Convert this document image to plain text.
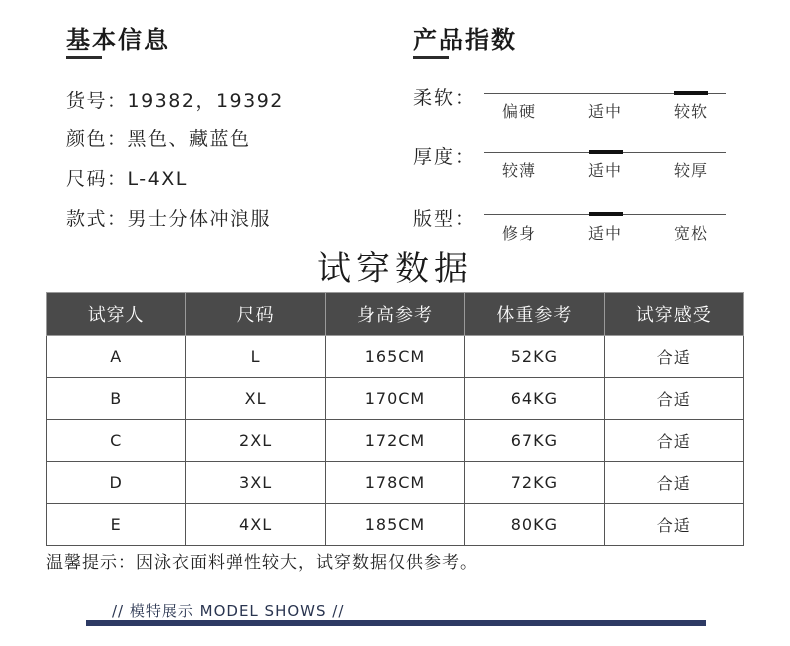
基本信息
货号：19382，19392
颜色：黑色、藏蓝色
尺码：L-4XL
款式：男士分体冲浪服
产品指数
柔软：
偏硬	适中	较软
厚度：
较薄	适中	较厚
版型：
修身	适中	宽松
试穿数据
试穿人	尺码	身高参考	体重参考	试穿感受
A	L	165CM	52KG	合适
B	XL	170CM	64KG	合适
C	2XL	172CM	67KG	合适
D	3XL	178CM	72KG	合适
E	4XL	185CM	80KG	合适
温馨提示：因泳衣面料弹性较大，试穿数据仅供参考。
// 模特展示 MODEL SHOWS //
